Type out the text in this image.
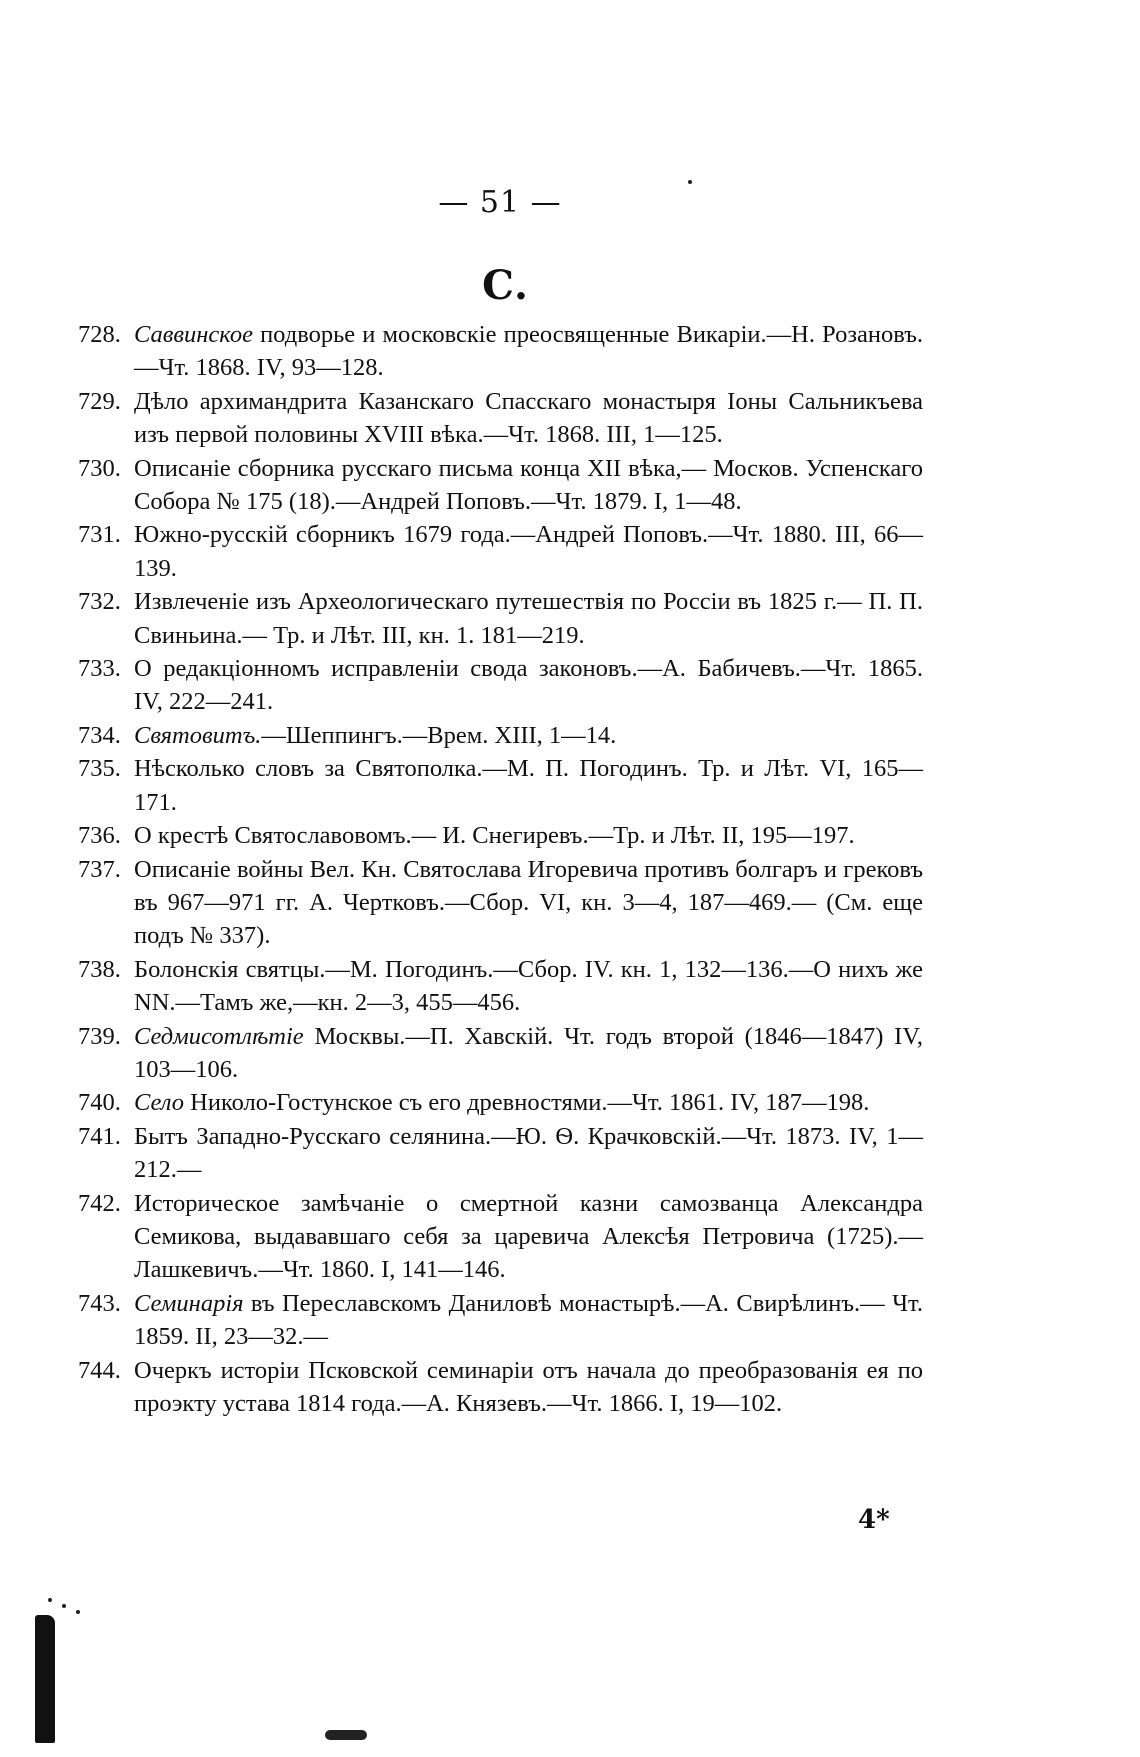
— 51 —
С.
728. Саввинское подворье и московскіе преосвященные Викаріи.—Н. Розановъ.—Чт. 1868. IV, 93—128.
729. Дѣло архимандрита Казанскаго Спасскаго монастыря Іоны Сальникъева изъ первой половины XVIII вѣка.—Чт. 1868. III, 1—125.
730. Описаніе сборника русскаго письма конца XII вѣка,— Москов. Успенскаго Собора № 175 (18).—Андрей Поповъ.—Чт. 1879. I, 1—48.
731. Южно-русскій сборникъ 1679 года.—Андрей Поповъ.—Чт. 1880. III, 66—139.
732. Извлеченіе изъ Археологическаго путешествія по Россіи въ 1825 г.— П. П. Свиньина.— Тр. и Лѣт. III, кн. 1. 181—219.
733. О редакціонномъ исправленіи свода законовъ.—А. Бабичевъ.—Чт. 1865. IV, 222—241.
734. Святовитъ.—Шеппингъ.—Врем. XIII, 1—14.
735. Нѣсколько словъ за Святополка.—М. П. Погодинъ. Тр. и Лѣт. VI, 165—171.
736. О крестѣ Святославовомъ.— И. Снегиревъ.—Тр. и Лѣт. II, 195—197.
737. Описаніе войны Вел. Кн. Святослава Игоревича противъ болгаръ и грековъ въ 967—971 гг. А. Чертковъ.—Сбор. VI, кн. 3—4, 187—469.— (См. еще подъ № 337).
738. Болонскія святцы.—М. Погодинъ.—Сбор. IV. кн. 1, 132—136.—О нихъ же NN.—Тамъ же,—кн. 2—3, 455—456.
739. Седмисотлѣтіе Москвы.—П. Хавскій. Чт. годъ второй (1846—1847) IV, 103—106.
740. Село Николо-Гостунское съ его древностями.—Чт. 1861. IV, 187—198.
741. Бытъ Западно-Русскаго селянина.—Ю. Ѳ. Крачковскій.—Чт. 1873. IV, 1—212.—
742. Историческое замѣчаніе о смертной казни самозванца Александра Семикова, выдававшаго себя за царевича Алексѣя Петровича (1725).— Лашкевичъ.—Чт. 1860. I, 141—146.
743. Семинарія въ Переславскомъ Даниловѣ монастырѣ.—А. Свирѣлинъ.— Чт. 1859. II, 23—32.—
744. Очеркъ исторіи Псковской семинаріи отъ начала до преобразованія ея по проэкту устава 1814 года.—А. Князевъ.—Чт. 1866. I, 19—102.
4*
